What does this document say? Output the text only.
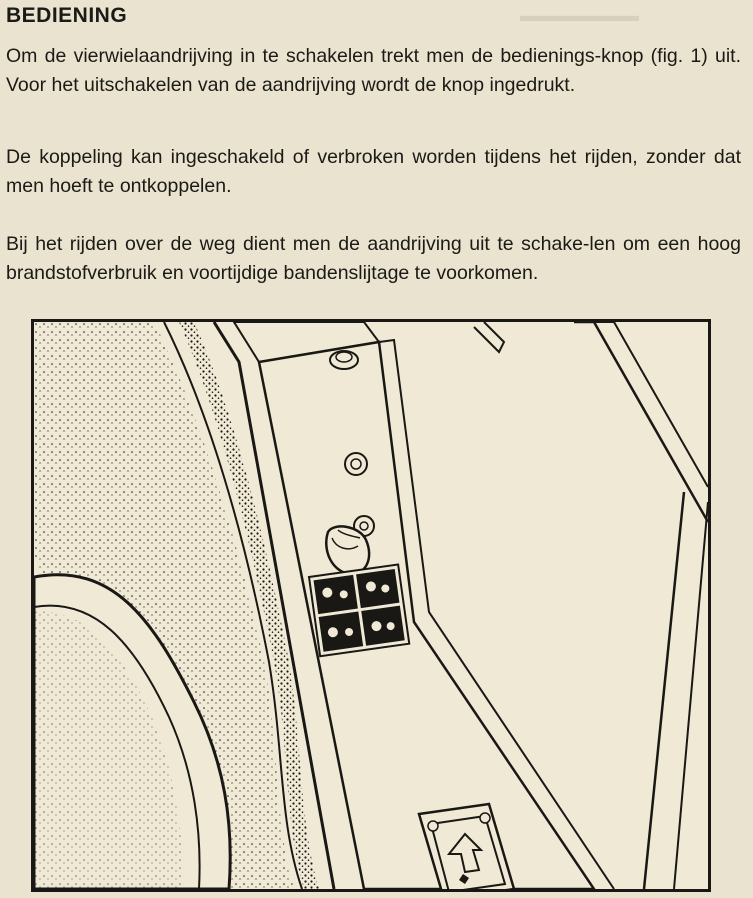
▬▬▬▬▬▬▬
BEDIENING
Om de vierwielaandrijving in te schakelen trekt men de bedienings-knop (fig. 1) uit. Voor het uitschakelen van de aandrijving wordt de knop ingedrukt.
De koppeling kan ingeschakeld of verbroken worden tijdens het rijden, zonder dat men hoeft te ontkoppelen.
Bij het rijden over de weg dient men de aandrijving uit te schake-len om een hoog brandstofverbruik en voortijdige bandenslijtage te voorkomen.
